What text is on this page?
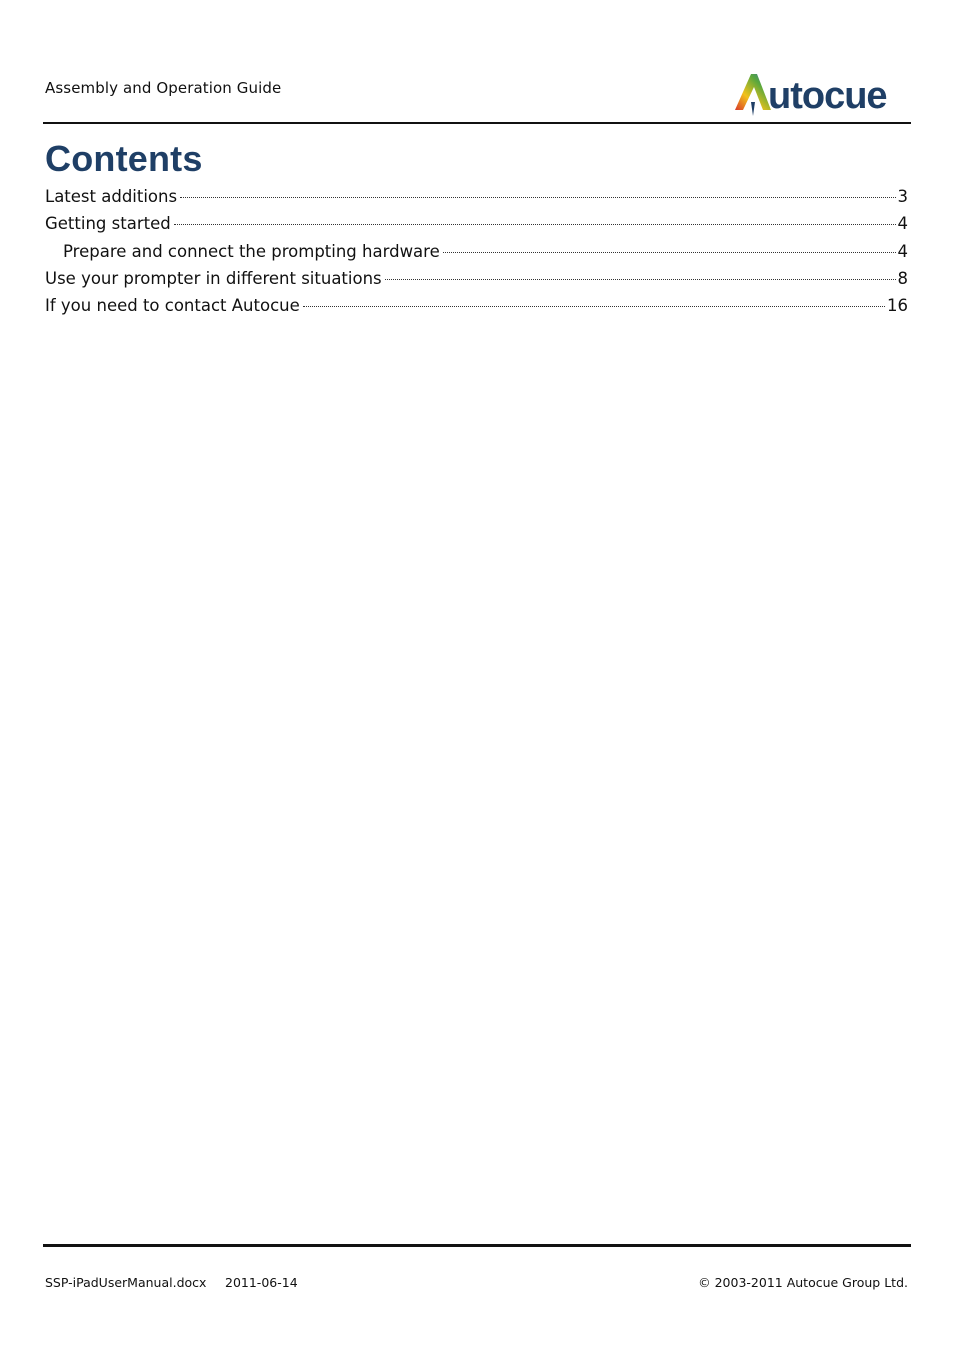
Assembly and Operation Guide	utocue
Contents
Latest additions	3
Getting started	4
Prepare and connect the prompting hardware	4
Use your prompter in different situations	8
If you need to contact Autocue	16
SSP-iPadUserManual.docx 2011-06-14	© 2003-2011 Autocue Group Ltd.
